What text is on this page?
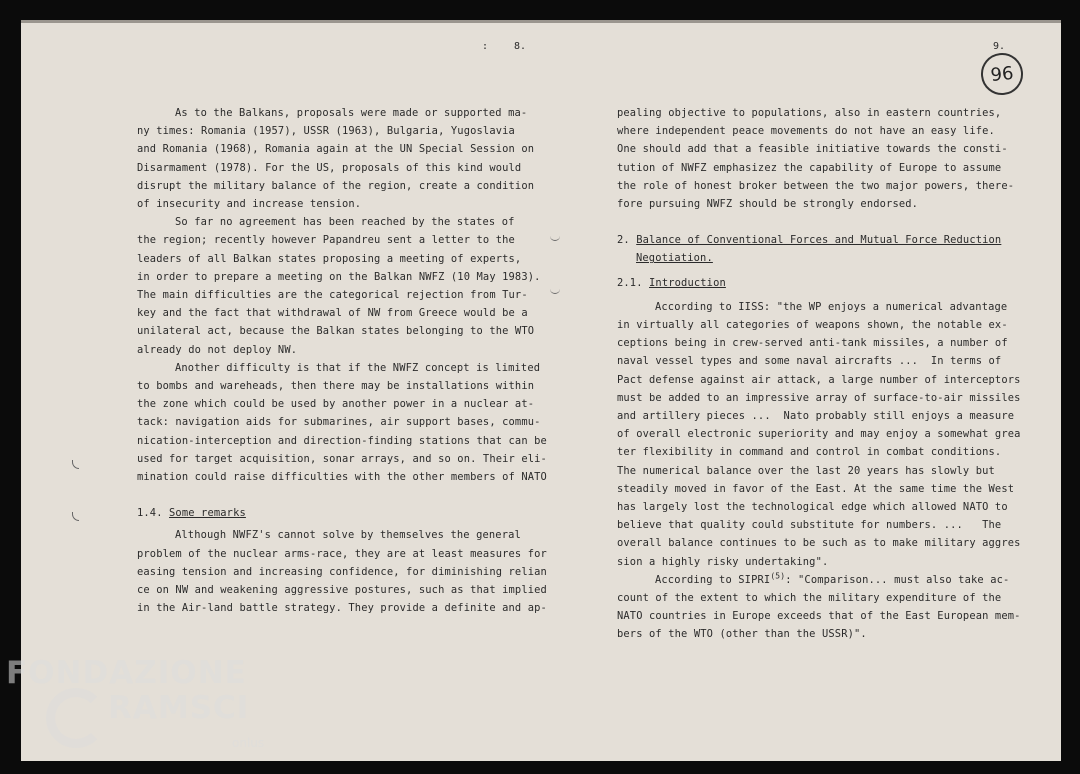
:	8.	9.
96

As to the Balkans, proposals were made or supported ma-

ny times: Romania (1957), USSR (1963), Bulgaria, Yugoslavia

and Romania (1968), Romania again at the UN Special Session on

Disarmament (1978). For the US, proposals of this kind would

disrupt the military balance of the region, create a condition

of insecurity and increase tension.

So far no agreement has been reached by the states of

the region; recently however Papandreu sent a letter to the

leaders of all Balkan states proposing a meeting of experts,

in order to prepare a meeting on the Balkan NWFZ (10 May 1983).

The main difficulties are the categorical rejection from Tur-

key and the fact that withdrawal of NW from Greece would be a

unilateral act, because the Balkan states belonging to the WTO

already do not deploy NW.

Another difficulty is that if the NWFZ concept is limited

to bombs and wareheads, then there may be installations within

the zone which could be used by another power in a nuclear at-

tack: navigation aids for submarines, air support bases, commu-

nication-interception and direction-finding stations that can be

used for target acquisition, sonar arrays, and so on. Their eli-

mination could raise difficulties with the other members of NATO

1.4. Some remarks

Although NWFZ's cannot solve by themselves the general

problem of the nuclear arms-race, they are at least measures for

easing tension and increasing confidence, for diminishing relian

ce on NW and weakening aggressive postures, such as that implied

in the Air-land battle strategy. They provide a definite and ap-

pealing objective to populations, also in eastern countries,

where independent peace movements do not have an easy life.

One should add that a feasible initiative towards the consti-

tution of NWFZ emphasizez the capability of Europe to assume

the role of honest broker between the two major powers, there-

fore pursuing NWFZ should be strongly endorsed.

2. Balance of Conventional Forces and Mutual Force Reduction

Negotiation.

2.1. Introduction

According to IISS: "the WP enjoys a numerical advantage

in virtually all categories of weapons shown, the notable ex-

ceptions being in crew-served anti-tank missiles, a number of

naval vessel types and some naval aircrafts ...  In terms of

Pact defense against air attack, a large number of interceptors

must be added to an impressive array of surface-to-air missiles

and artillery pieces ...  Nato probably still enjoys a measure

of overall electronic superiority and may enjoy a somewhat grea

ter flexibility in command and control in combat conditions.

The numerical balance over the last 20 years has slowly but

steadily moved in favor of the East. At the same time the West

has largely lost the technological edge which allowed NATO to

believe that quality could substitute for numbers. ...   The

overall balance continues to be such as to make military aggres

sion a highly risky undertaking".

According to SIPRI$^{(5)}$: "Comparison... must also take ac-

count of the extent to which the military expenditure of the

NATO countries in Europe exceeds that of the East European mem-

bers of the WTO (other than the USSR)".

FONDAZIONE
RAMSCI
onlus
